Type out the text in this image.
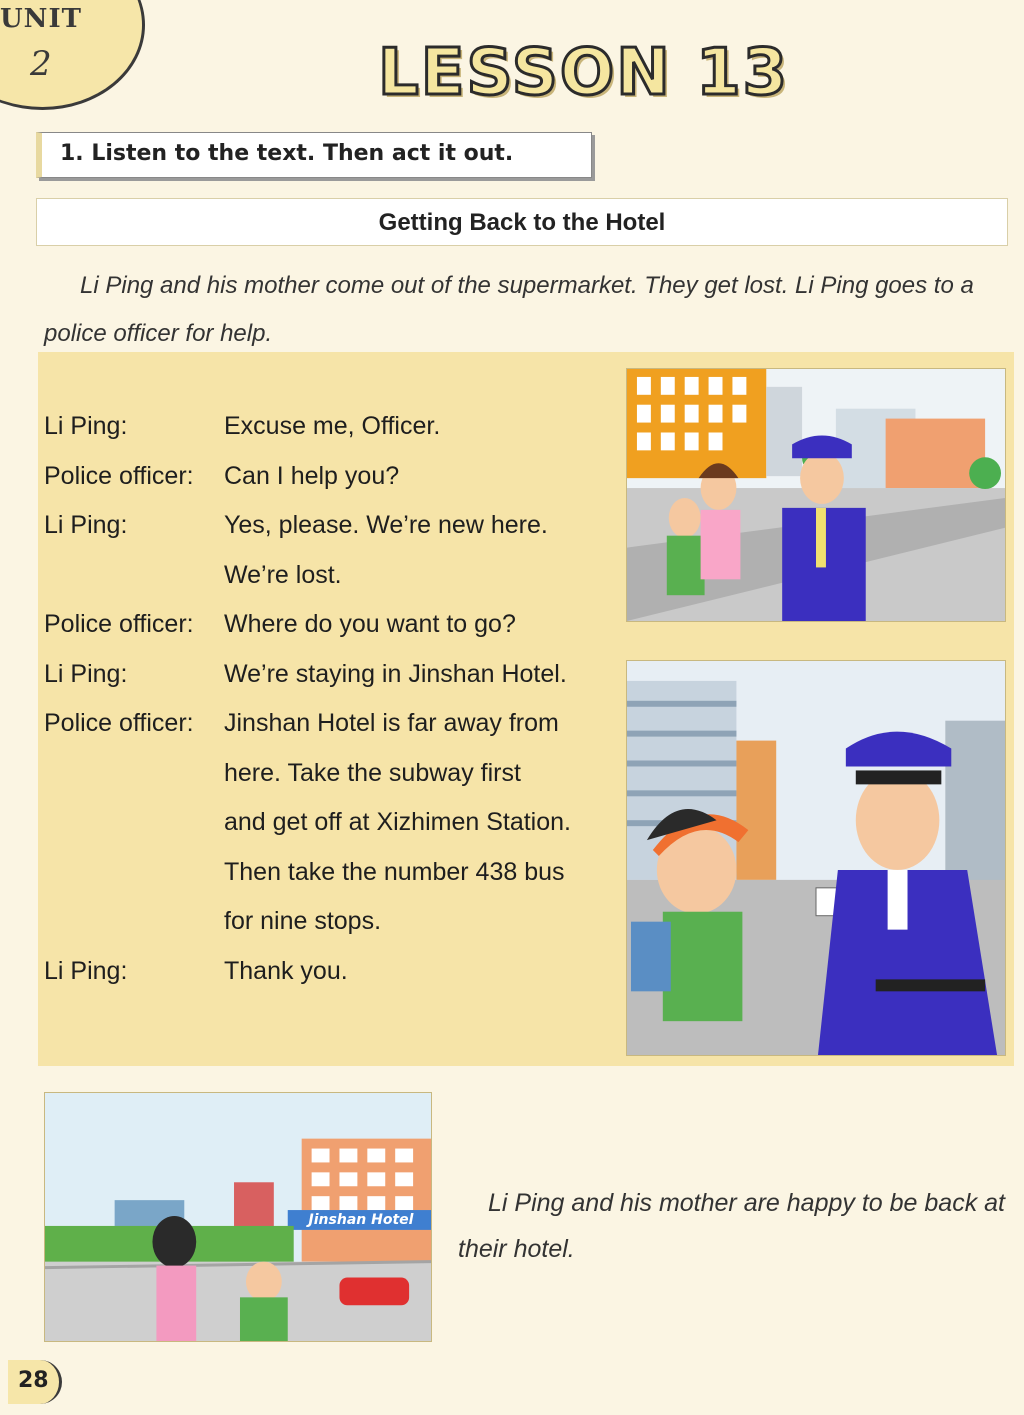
UNIT
2	LESSON 13
1. Listen to the text. Then act it out.
Getting Back to the Hotel

Li Ping and his mother come out of the supermarket. They get lost. Li Ping goes to a police officer for help.

Li Ping:	Excuse me, Officer.
Police officer:	Can I help you?
Li Ping:	Yes, please. We’re new here.
We’re lost.
Police officer:	Where do you want to go?
Li Ping:	We’re staying in Jinshan Hotel.
Police officer:	Jinshan Hotel is far away from
here. Take the subway first
and get off at Xizhimen Station.
Then take the number 438 bus
for nine stops.
Li Ping:	Thank you.
Jinshan Hotel

Li Ping and his mother are happy to be back at their hotel.

28
